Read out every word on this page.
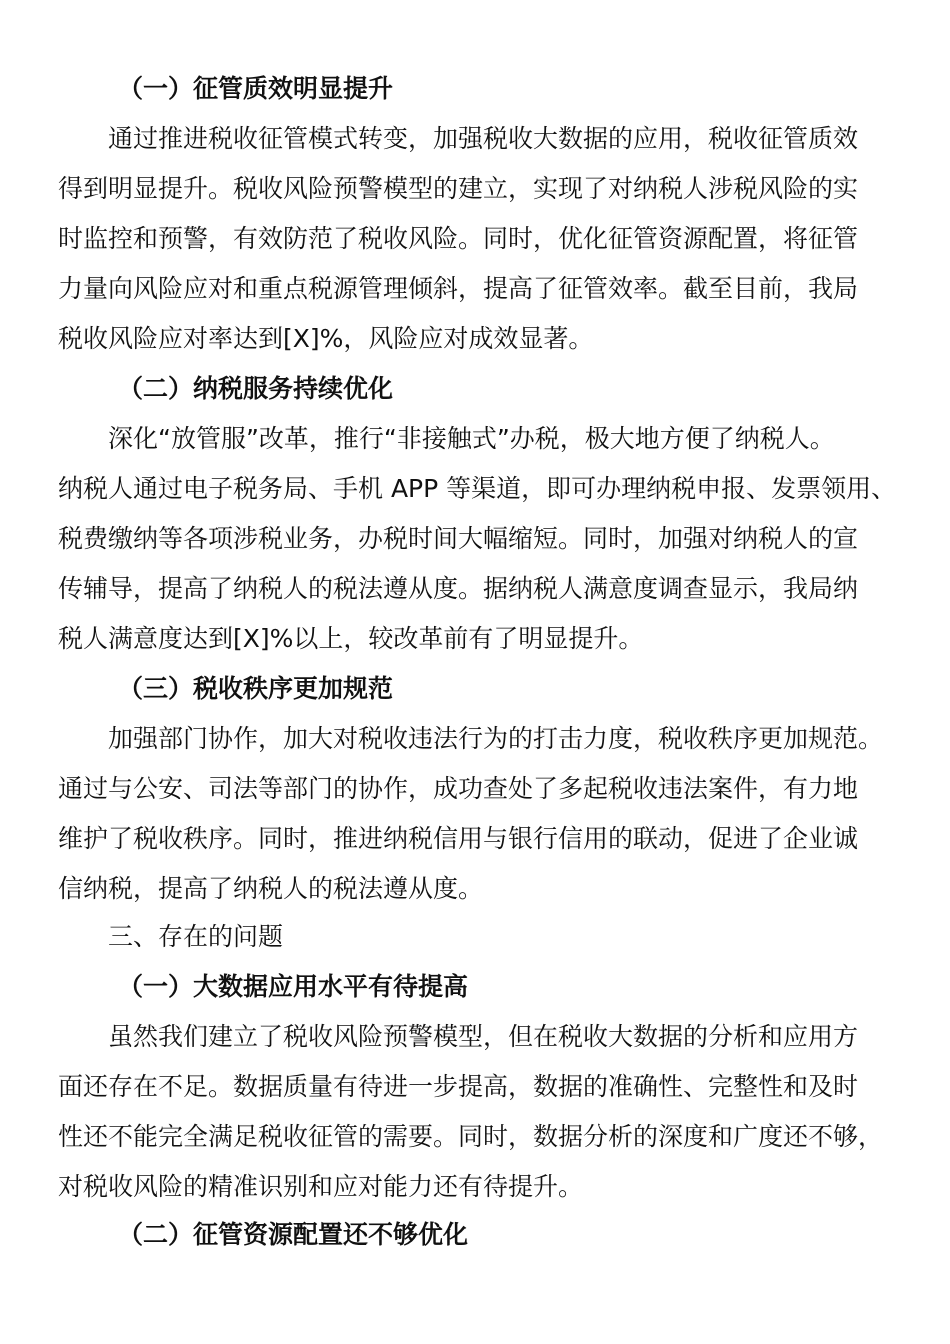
（一）征管质效明显提升
通过推进税收征管模式转变，加强税收大数据的应用，税收征管质效
得到明显提升。税收风险预警模型的建立，实现了对纳税人涉税风险的实
时监控和预警，有效防范了税收风险。同时，优化征管资源配置，将征管
力量向风险应对和重点税源管理倾斜，提高了征管效率。截至目前，我局
税收风险应对率达到[X]%，风险应对成效显著。
（二）纳税服务持续优化
深化“放管服”改革，推行“非接触式”办税，极大地方便了纳税人。
纳税人通过电子税务局、手机 APP 等渠道，即可办理纳税申报、发票领用、
税费缴纳等各项涉税业务，办税时间大幅缩短。同时，加强对纳税人的宣
传辅导，提高了纳税人的税法遵从度。据纳税人满意度调查显示，我局纳
税人满意度达到[X]%以上，较改革前有了明显提升。
（三）税收秩序更加规范
加强部门协作，加大对税收违法行为的打击力度，税收秩序更加规范。
通过与公安、司法等部门的协作，成功查处了多起税收违法案件，有力地
维护了税收秩序。同时，推进纳税信用与银行信用的联动，促进了企业诚
信纳税，提高了纳税人的税法遵从度。
三、存在的问题
（一）大数据应用水平有待提高
虽然我们建立了税收风险预警模型，但在税收大数据的分析和应用方
面还存在不足。数据质量有待进一步提高，数据的准确性、完整性和及时
性还不能完全满足税收征管的需要。同时，数据分析的深度和广度还不够，
对税收风险的精准识别和应对能力还有待提升。
（二）征管资源配置还不够优化
